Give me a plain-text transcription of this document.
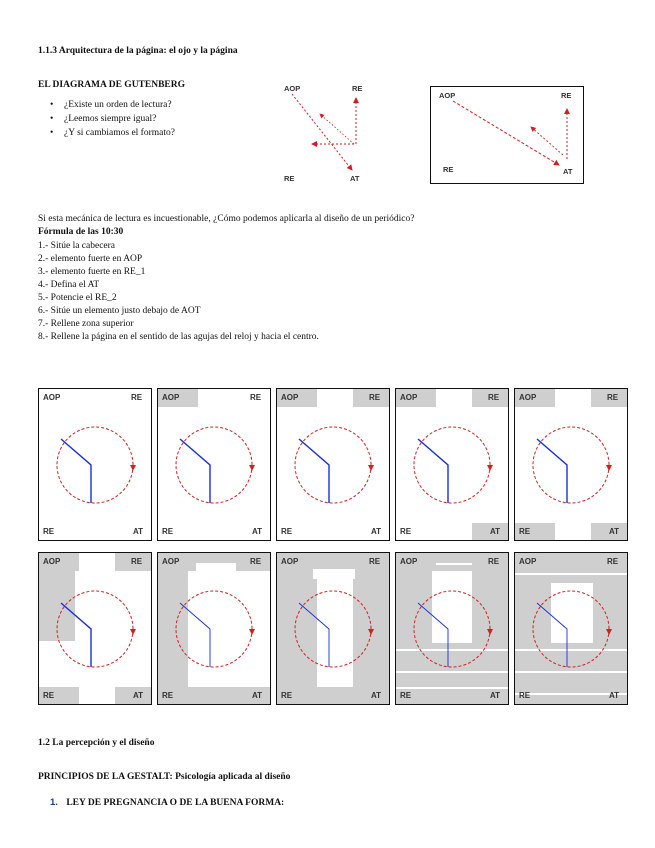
1.1.3 Arquitectura de la página: el ojo y la página
EL DIAGRAMA DE GUTENBERG
• ¿Existe un orden de lectura?
• ¿Leemos siempre igual?
• ¿Y si cambiamos el formato?
AOP	RE
RE	AT
AOP	RE
RE	AT
Si esta mecánica de lectura es incuestionable, ¿Cómo podemos aplicarla al diseño de un periódico?
Fórmula de las 10:30
1.- Sitúe la cabecera
2.- elemento fuerte en AOP
3.- elemento fuerte en RE_1
4.- Defina el AT
5.- Potencie el RE_2
6.- Sitúe un elemento justo debajo de AOT
7.- Rellene zona superior
8.- Rellene la página en el sentido de las agujas del reloj y hacia el centro.
AOP	RE
RE	AT
AOP	RE
RE	AT
AOP	RE
RE	AT
AOP	RE
RE	AT
AOP	RE
RE	AT
AOP	RE
RE	AT
AOP	RE
RE	AT
AOP	RE
RE	AT
AOP	RE
RE	AT
AOP	RE
RE	AT
1.2 La percepción y el diseño
PRINCIPIOS DE LA GESTALT: Psicología aplicada al diseño
1. LEY DE PREGNANCIA O DE LA BUENA FORMA:
